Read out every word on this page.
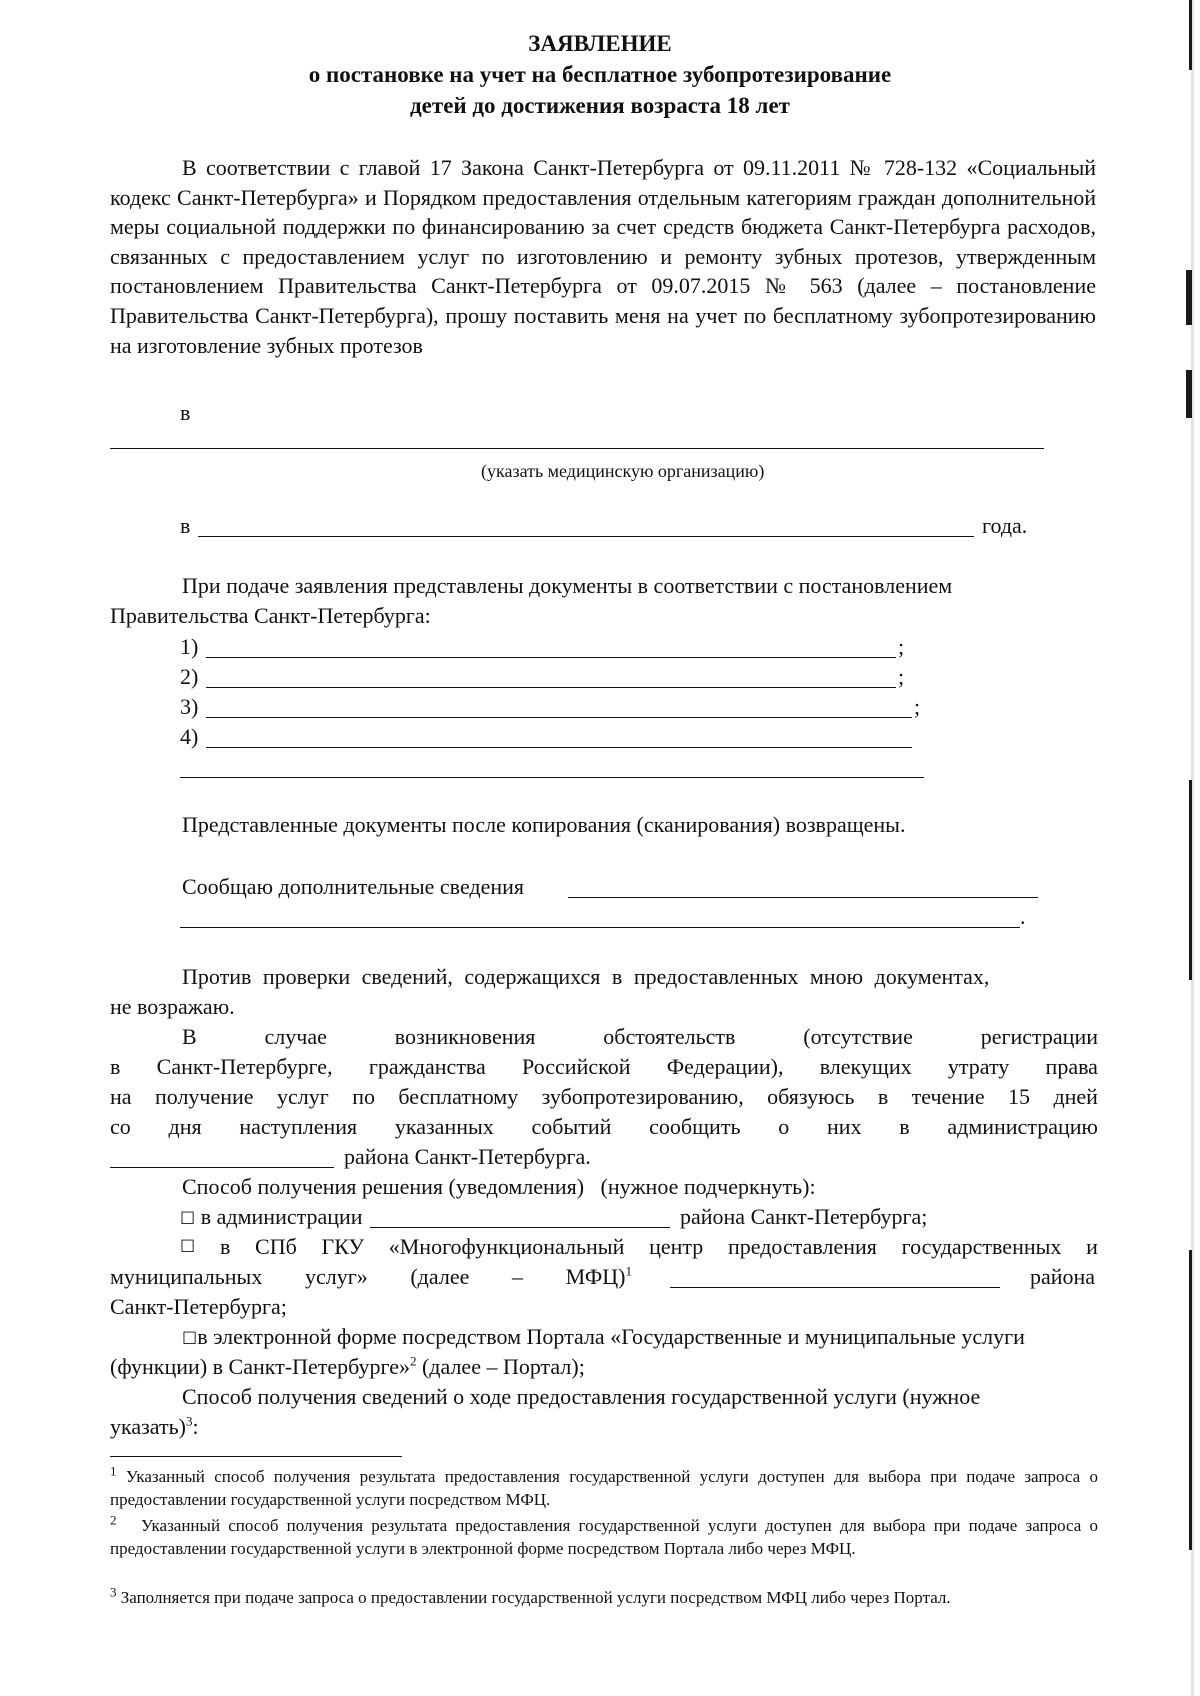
ЗАЯВЛЕНИЕ
о постановке на учет на бесплатное зубопротезирование
детей до достижения возраста 18 лет
В соответствии с главой 17 Закона Санкт-Петербурга от 09.11.2011 № 728-132 «Социальный кодекс Санкт-Петербурга» и Порядком предоставления отдельным категориям граждан дополнительной меры социальной поддержки по финансированию за счет средств бюджета Санкт-Петербурга расходов, связанных с предоставлением услуг по изготовлению и ремонту зубных протезов, утвержденным постановлением Правительства Санкт-Петербурга от 09.07.2015 № 563 (далее – постановление Правительства Санкт-Петербурга), прошу поставить меня на учет по бесплатному зубопротезированию на изготовление зубных протезов
в
(указать медицинскую организацию)
в	года.
При подаче заявления представлены документы в соответствии с постановлением
Правительства Санкт-Петербурга:
1)	;
2)	;
3)	;
4)
Представленные документы после копирования (сканирования) возвращены.
Сообщаю дополнительные сведения
.
Против проверки сведений, содержащихся в предоставленных мною документах,
не возражаю.
В	случае	возникновения	обстоятельств	(отсутствие	регистрации
в Санкт-Петербурге, гражданства Российской Федерации), влекущих утрату права
на получение услуг по бесплатному зубопротезированию, обязуюсь в течение 15 дней
со дня наступления указанных событий сообщить о них в администрацию
района Санкт-Петербурга.
Способ получения решения (уведомления)   (нужное подчеркнуть):
☐ в администрации	района Санкт-Петербурга;
☐ в СПб ГКУ «Многофункциональный центр предоставления государственных и
муниципальных услуг» (далее – МФЦ)$^1$	района
Санкт-Петербурга;
☐в электронной форме посредством Портала «Государственные и муниципальные услуги
(функции) в Санкт-Петербурге»$^2$ (далее – Портал);
Способ получения сведений о ходе предоставления государственной услуги (нужное
указать)$^3$:
$^1$ Указанный способ получения результата предоставления государственной услуги доступен для выбора при подаче запроса о предоставлении государственной услуги посредством МФЦ.
$^2$   Указанный способ получения результата предоставления государственной услуги доступен для выбора при подаче запроса о предоставлении государственной услуги в электронной форме посредством Портала либо через МФЦ.
$^3$ Заполняется при подаче запроса о предоставлении государственной услуги посредством МФЦ либо через Портал.
